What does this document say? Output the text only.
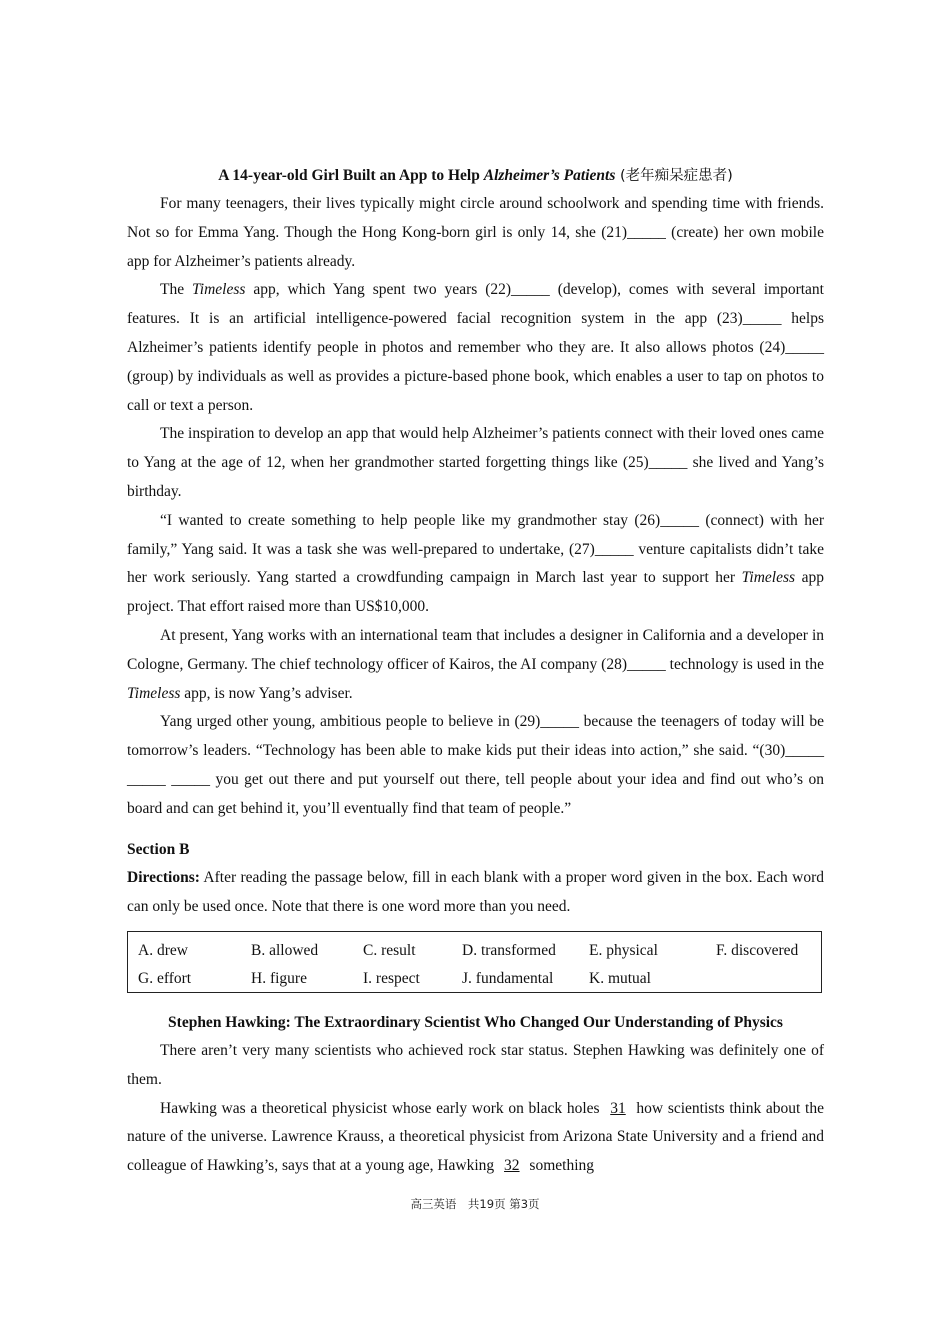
A 14-year-old Girl Built an App to Help Alzheimer’s Patients (老年痴呆症患者)

For many teenagers, their lives typically might circle around schoolwork and spending time with friends. Not so for Emma Yang. Though the Hong Kong-born girl is only 14, she (21)_____ (create) her own mobile app for Alzheimer’s patients already.

The Timeless app, which Yang spent two years (22)_____ (develop), comes with several important features. It is an artificial intelligence-powered facial recognition system in the app (23)_____ helps Alzheimer’s patients identify people in photos and remember who they are. It also allows photos (24)_____ (group) by individuals as well as provides a picture-based phone book, which enables a user to tap on photos to call or text a person.

The inspiration to develop an app that would help Alzheimer’s patients connect with their loved ones came to Yang at the age of 12, when her grandmother started forgetting things like (25)_____ she lived and Yang’s birthday.

“I wanted to create something to help people like my grandmother stay (26)_____ (connect) with her family,” Yang said. It was a task she was well-prepared to undertake, (27)_____ venture capitalists didn’t take her work seriously. Yang started a crowdfunding campaign in March last year to support her Timeless app project. That effort raised more than US$10,000.

At present, Yang works with an international team that includes a designer in California and a developer in Cologne, Germany. The chief technology officer of Kairos, the AI company (28)_____ technology is used in the Timeless app, is now Yang’s adviser.

Yang urged other young, ambitious people to believe in (29)_____ because the teenagers of today will be tomorrow’s leaders. “Technology has been able to make kids put their ideas into action,” she said. “(30)_____ _____ _____ you get out there and put yourself out there, tell people about your idea and find out who’s on board and can get behind it, you’ll eventually find that team of people.”

Section B

Directions: After reading the passage below, fill in each blank with a proper word given in the box. Each word can only be used once. Note that there is one word more than you need.

A. drew	B. allowed	C. result	D. transformed	E. physical	F. discovered
G. effort	H. figure	I. respect	J. fundamental	K. mutual	
Stephen Hawking: The Extraordinary Scientist Who Changed Our Understanding of Physics

There aren’t very many scientists who achieved rock star status. Stephen Hawking was definitely one of them.

Hawking was a theoretical physicist whose early work on black holes 31 how scientists think about the nature of the universe. Lawrence Krauss, a theoretical physicist from Arizona State University and a friend and colleague of Hawking’s, says that at a young age, Hawking 32 something

高三英语　共19页 第3页
